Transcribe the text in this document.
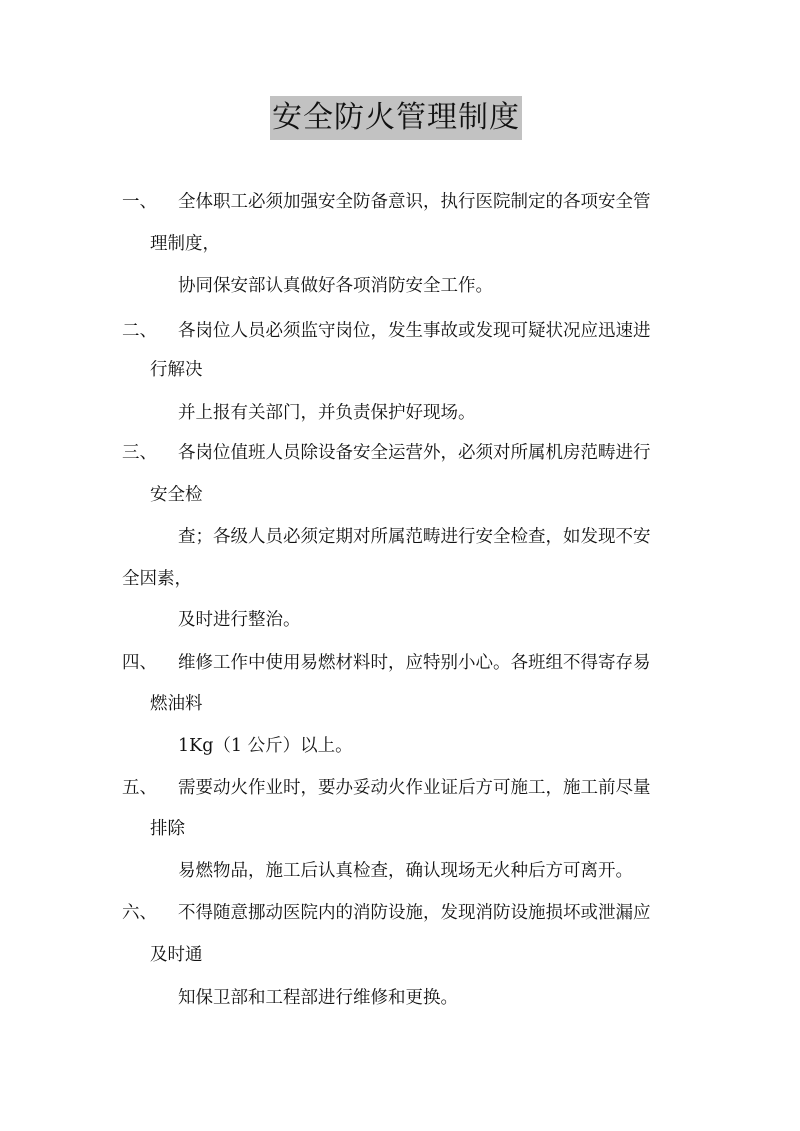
安全防火管理制度
一、 全体职工必须加强安全防备意识，执行医院制定的各项安全管
理制度，
协同保安部认真做好各项消防安全工作。
二、 各岗位人员必须监守岗位，发生事故或发现可疑状况应迅速进
行解决
并上报有关部门，并负责保护好现场。
三、 各岗位值班人员除设备安全运营外，必须对所属机房范畴进行
安全检
查；各级人员必须定期对所属范畴进行安全检查，如发现不安
全因素，
及时进行整治。
四、 维修工作中使用易燃材料时，应特别小心。各班组不得寄存易
燃油料
1Kg（1 公斤）以上。
五、 需要动火作业时，要办妥动火作业证后方可施工，施工前尽量
排除
易燃物品，施工后认真检查，确认现场无火种后方可离开。
六、 不得随意挪动医院内的消防设施，发现消防设施损坏或泄漏应
及时通
知保卫部和工程部进行维修和更换。
